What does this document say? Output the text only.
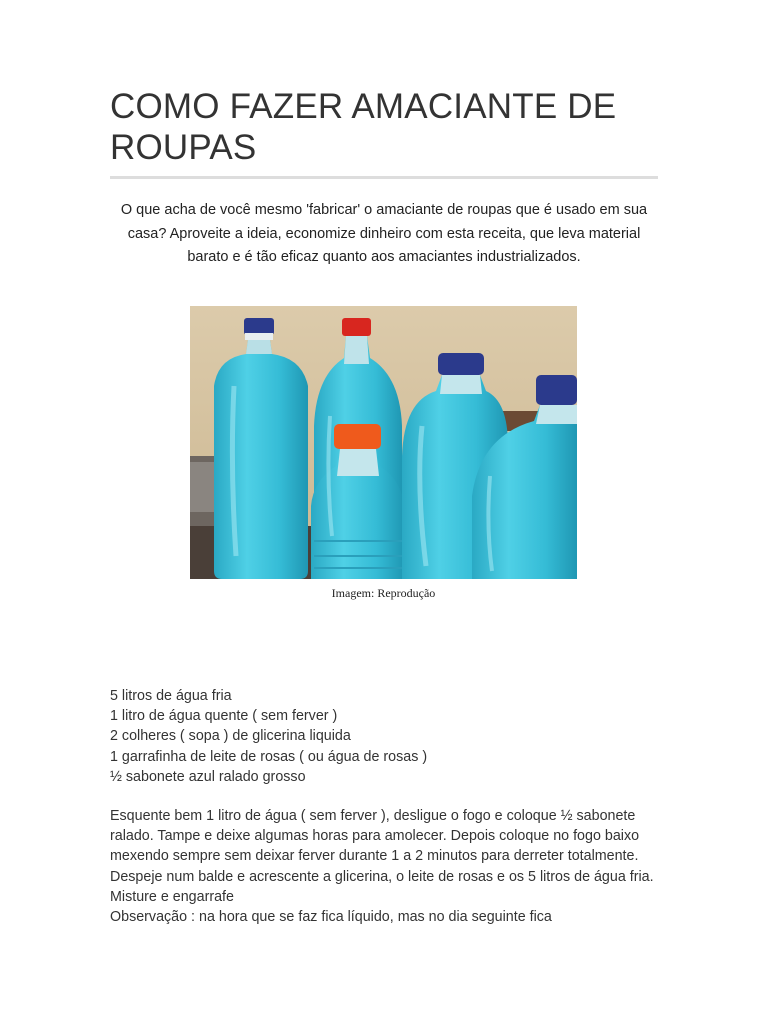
COMO FAZER AMACIANTE DE ROUPAS

O que acha de você mesmo 'fabricar' o amaciante de roupas que é usado em sua casa? Aproveite a ideia, economize dinheiro com esta receita, que leva material barato e é tão eficaz quanto aos amaciantes industrializados.

Imagem: Reprodução
5 litros de água fria
1 litro de água quente ( sem ferver )
2 colheres ( sopa ) de glicerina liquida
1 garrafinha de leite de rosas ( ou água de rosas )
½ sabonete azul ralado grosso

Esquente bem 1 litro de água ( sem ferver ), desligue o fogo e coloque ½ sabonete ralado. Tampe e deixe algumas horas para amolecer. Depois coloque no fogo baixo mexendo sempre sem deixar ferver durante 1 a 2 minutos para derreter totalmente. Despeje num balde e acrescente a glicerina, o leite de rosas e os 5 litros de água fria. Misture e engarrafe

Observação : na hora que se faz fica líquido, mas no dia seguinte fica
